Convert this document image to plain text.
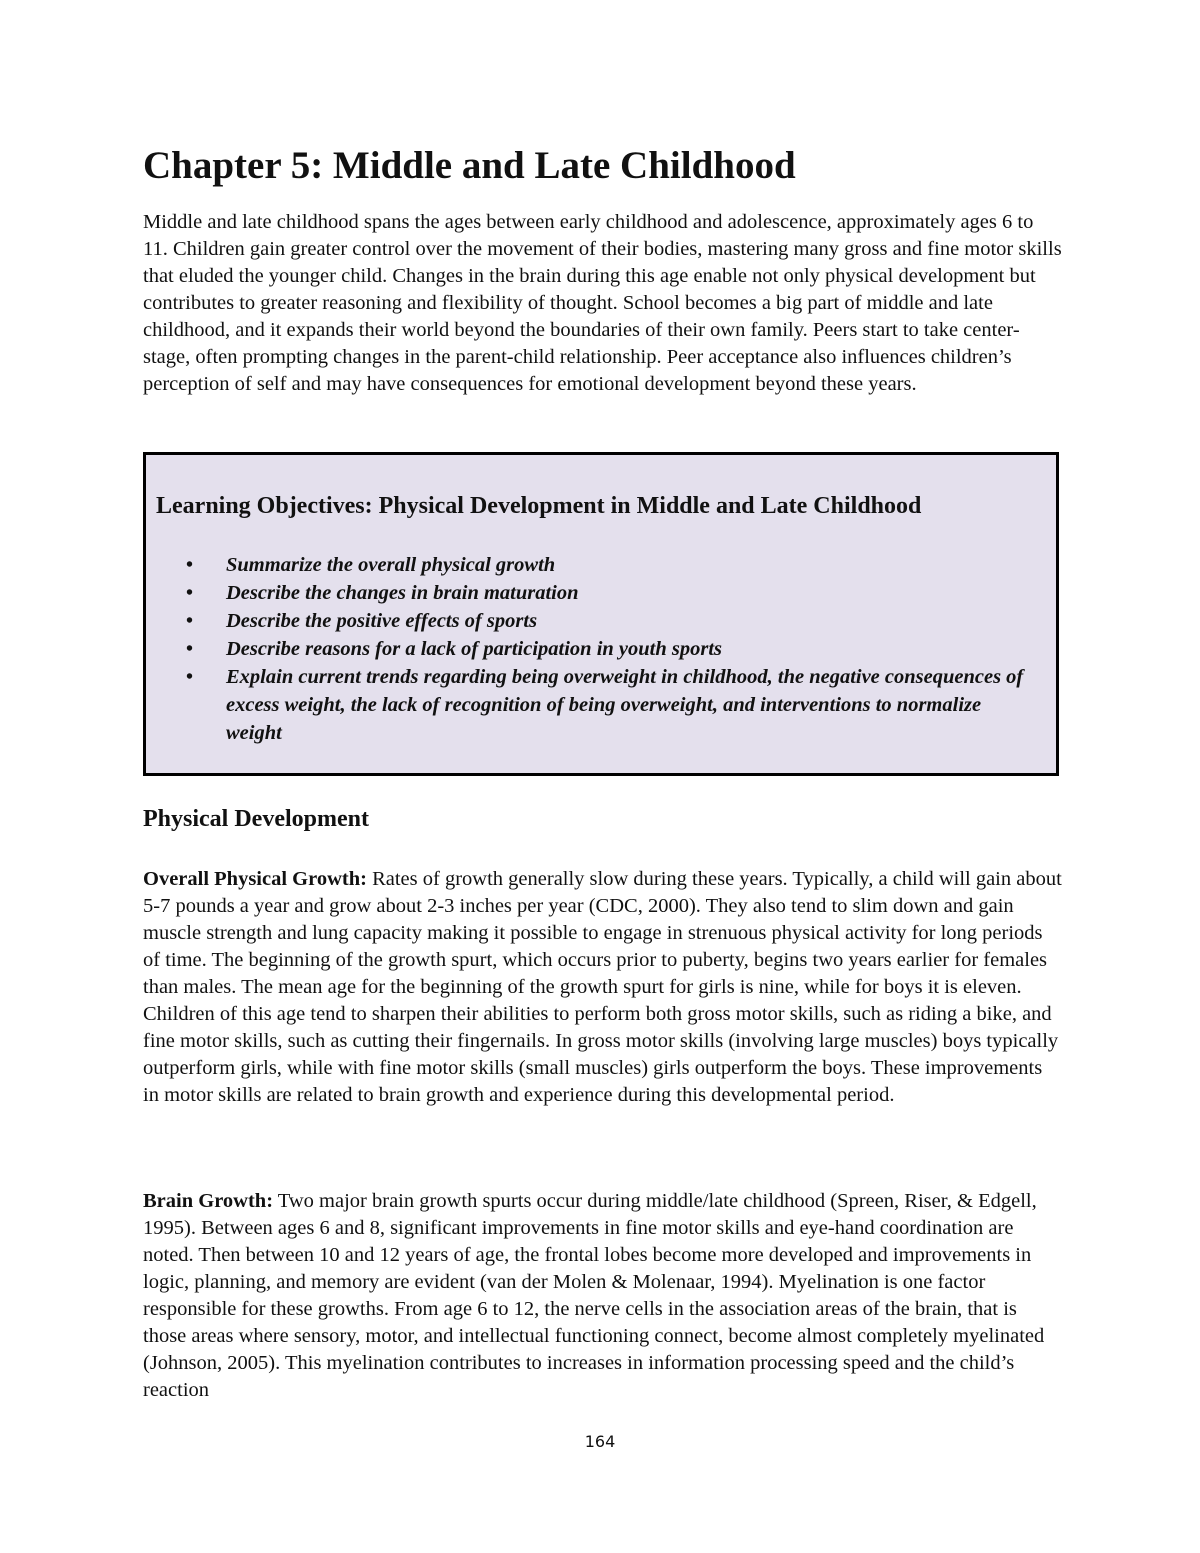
Chapter 5: Middle and Late Childhood

Middle and late childhood spans the ages between early childhood and adolescence, approximately ages 6 to 11. Children gain greater control over the movement of their bodies, mastering many gross and fine motor skills that eluded the younger child. Changes in the brain during this age enable not only physical development but contributes to greater reasoning and flexibility of thought. School becomes a big part of middle and late childhood, and it expands their world beyond the boundaries of their own family. Peers start to take center-stage, often prompting changes in the parent-child relationship. Peer acceptance also influences children’s perception of self and may have consequences for emotional development beyond these years.

Learning Objectives: Physical Development in Middle and Late Childhood
• Summarize the overall physical growth
• Describe the changes in brain maturation
• Describe the positive effects of sports
• Describe reasons for a lack of participation in youth sports
• Explain current trends regarding being overweight in childhood, the negative consequences of excess weight, the lack of recognition of being overweight, and interventions to normalize weight
Physical Development

Overall Physical Growth: Rates of growth generally slow during these years. Typically, a child will gain about 5-7 pounds a year and grow about 2-3 inches per year (CDC, 2000). They also tend to slim down and gain muscle strength and lung capacity making it possible to engage in strenuous physical activity for long periods of time. The beginning of the growth spurt, which occurs prior to puberty, begins two years earlier for females than males. The mean age for the beginning of the growth spurt for girls is nine, while for boys it is eleven. Children of this age tend to sharpen their abilities to perform both gross motor skills, such as riding a bike, and fine motor skills, such as cutting their fingernails. In gross motor skills (involving large muscles) boys typically outperform girls, while with fine motor skills (small muscles) girls outperform the boys. These improvements in motor skills are related to brain growth and experience during this developmental period.

Brain Growth: Two major brain growth spurts occur during middle/late childhood (Spreen, Riser, & Edgell, 1995). Between ages 6 and 8, significant improvements in fine motor skills and eye-hand coordination are noted. Then between 10 and 12 years of age, the frontal lobes become more developed and improvements in logic, planning, and memory are evident (van der Molen & Molenaar, 1994). Myelination is one factor responsible for these growths. From age 6 to 12, the nerve cells in the association areas of the brain, that is those areas where sensory, motor, and intellectual functioning connect, become almost completely myelinated (Johnson, 2005). This myelination contributes to increases in information processing speed and the child’s reaction

164
